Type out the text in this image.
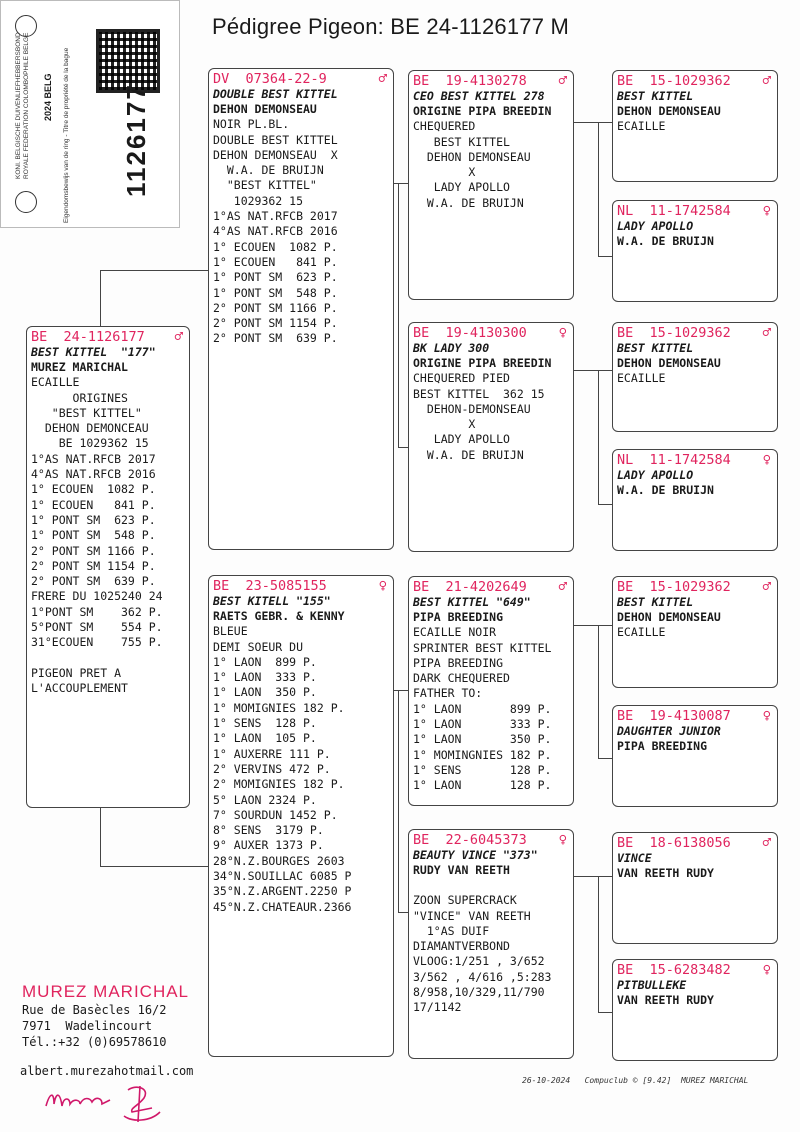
Pédigree Pigeon: BE 24-1126177 M
KONI. BELGISCHE DUIVENLIEFHEBBERSBOND ROYALE FEDERATION COLOMBOPHILE BELGE	Eigendomsbewijs van de ring - Titre de propriété de la bague
2024 BELG	1126177
BE  24-1126177 ♂
BEST KITTEL  "177"
MUREZ MARICHAL
ECAILLE
ORIGINES
"BEST KITTEL"
DEHON DEMONCEAU
BE 1029362 15
1°AS NAT.RFCB 2017
4°AS NAT.RFCB 2016
1° ECOUEN  1082 P.
1° ECOUEN   841 P.
1° PONT SM  623 P.
1° PONT SM  548 P.
2° PONT SM 1166 P.
2° PONT SM 1154 P.
2° PONT SM  639 P.
FRERE DU 1025240 24
1°PONT SM    362 P.
5°PONT SM    554 P.
31°ECOUEN    755 P.
PIGEON PRET A
L'ACCOUPLEMENT
DV  07364-22-9	♂
DOUBLE BEST KITTEL
DEHON DEMONSEAU
NOIR PL.BL.
DOUBLE BEST KITTEL
DEHON DEMONSEAU  X
W.A. DE BRUIJN
"BEST KITTEL"
1029362 15
1°AS NAT.RFCB 2017
4°AS NAT.RFCB 2016
1° ECOUEN  1082 P.
1° ECOUEN   841 P.
1° PONT SM  623 P.
1° PONT SM  548 P.
2° PONT SM 1166 P.
2° PONT SM 1154 P.
2° PONT SM  639 P.
BE  23-5085155	♀
BEST KITELL "155"
RAETS GEBR. & KENNY
BLEUE
DEMI SOEUR DU
1° LAON  899 P.
1° LAON  333 P.
1° LAON  350 P.
1° MOMIGNIES 182 P.
1° SENS  128 P.
1° LAON  105 P.
1° AUXERRE 111 P.
2° VERVINS 472 P.
2° MOMIGNIES 182 P.
5° LAON 2324 P.
7° SOURDUN 1452 P.
8° SENS  3179 P.
9° AUXER 1373 P.
28°N.Z.BOURGES 2603
34°N.SOUILLAC 6085 P
35°N.Z.ARGENT.2250 P
45°N.Z.CHATEAUR.2366
BE  19-4130278 ♂
CEO BEST KITTEL 278
ORIGINE PIPA BREEDIN
CHEQUERED
BEST KITTEL
DEHON DEMONSEAU
X
LADY APOLLO
W.A. DE BRUIJN
BE  19-4130300 ♀
BK LADY 300
ORIGINE PIPA BREEDIN
CHEQUERED PIED
BEST KITTEL  362 15
DEHON-DEMONSEAU
X
LADY APOLLO
W.A. DE BRUIJN
BE  21-4202649 ♂
BEST KITTEL "649"
PIPA BREEDING
ECAILLE NOIR
SPRINTER BEST KITTEL
PIPA BREEDING
DARK CHEQUERED
FATHER TO:
1° LAON       899 P.
1° LAON       333 P.
1° LAON       350 P.
1° MOMINGNIES 182 P.
1° SENS       128 P.
1° LAON       128 P.
BE  22-6045373 ♀
BEAUTY VINCE "373"
RUDY VAN REETH
ZOON SUPERCRACK
"VINCE" VAN REETH
1°AS DUIF
DIAMANTVERBOND
VLOOG:1/251 , 3/652
3/562 , 4/616 ,5:283
8/958,10/329,11/790
17/1142
BE  15-1029362 ♂
BEST KITTEL
DEHON DEMONSEAU
ECAILLE
NL  11-1742584 ♀
LADY APOLLO
W.A. DE BRUIJN
BE  15-1029362 ♂
BEST KITTEL
DEHON DEMONSEAU
ECAILLE
NL  11-1742584 ♀
LADY APOLLO
W.A. DE BRUIJN
BE  15-1029362 ♂
BEST KITTEL
DEHON DEMONSEAU
ECAILLE
BE  19-4130087 ♀
DAUGHTER JUNIOR
PIPA BREEDING
BE  18-6138056 ♂
VINCE
VAN REETH RUDY
BE  15-6283482 ♀
PITBULLEKE
VAN REETH RUDY
MUREZ MARICHAL
Rue de Basècles 16/2
7971  Wadelincourt
Tél.:+32 (0)69578610
albert.murezahotmail.com
26-10-2024   Compuclub © [9.42]  MUREZ MARICHAL
